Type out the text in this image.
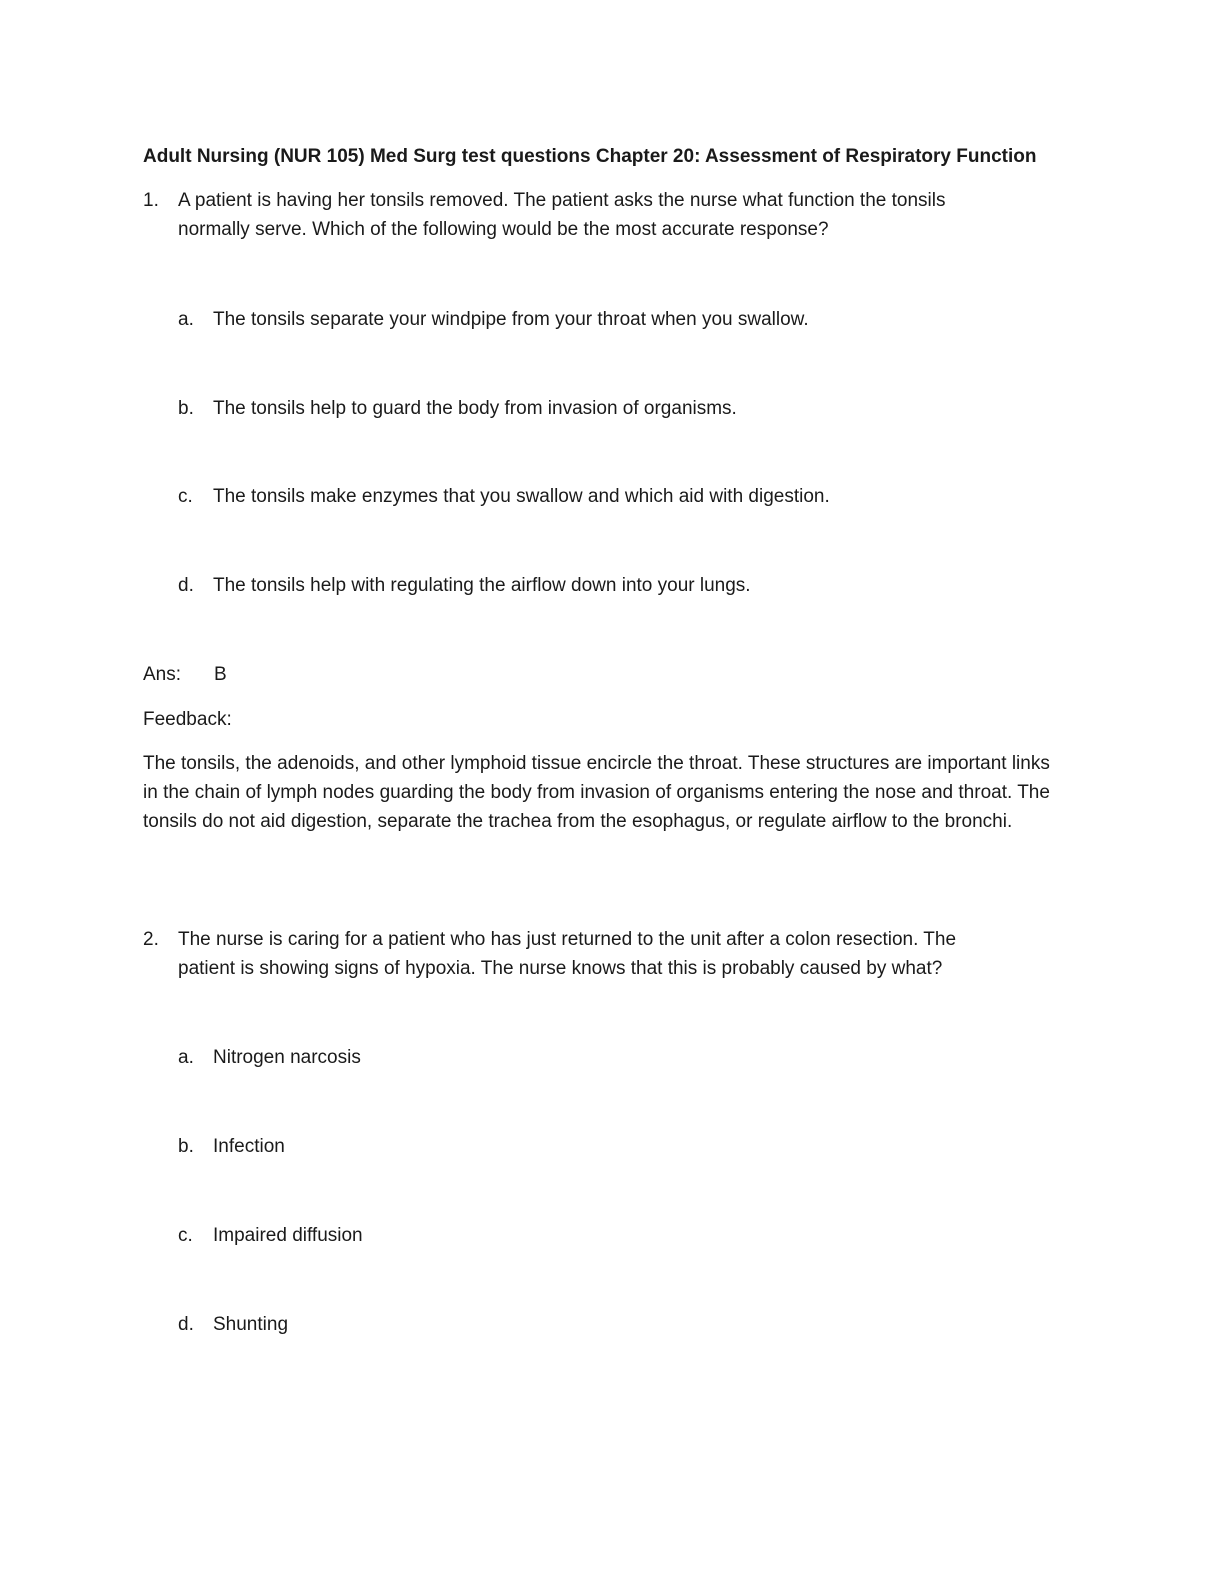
Adult Nursing (NUR 105) Med Surg test questions Chapter 20: Assessment of Respiratory Function
1. A patient is having her tonsils removed. The patient asks the nurse what function the tonsils normally serve. Which of the following would be the most accurate response?
a. The tonsils separate your windpipe from your throat when you swallow.
b. The tonsils help to guard the body from invasion of organisms.
c. The tonsils make enzymes that you swallow and which aid with digestion.
d. The tonsils help with regulating the airflow down into your lungs.
Ans: B
Feedback:
The tonsils, the adenoids, and other lymphoid tissue encircle the throat. These structures are important links in the chain of lymph nodes guarding the body from invasion of organisms entering the nose and throat. The tonsils do not aid digestion, separate the trachea from the esophagus, or regulate airflow to the bronchi.
2. The nurse is caring for a patient who has just returned to the unit after a colon resection. The patient is showing signs of hypoxia. The nurse knows that this is probably caused by what?
a. Nitrogen narcosis
b. Infection
c. Impaired diffusion
d. Shunting
